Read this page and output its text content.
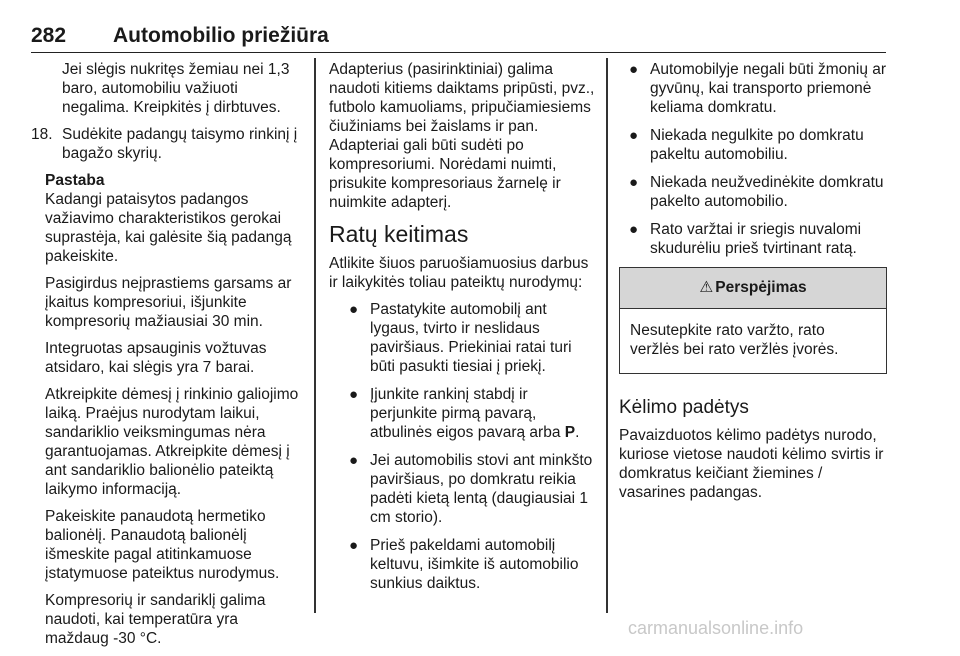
282 Automobilio priežiūra

Jei slėgis nukritęs žemiau nei 1,3 baro, automobiliu važiuoti negalima. Kreipkitės į dirbtuves.

18. Sudėkite padangų taisymo rinkinį į bagažo skyrių.
Pastaba

Kadangi pataisytos padangos važiavimo charakteristikos gerokai suprastėja, kai galėsite šią padangą pakeiskite.

Pasigirdus neįprastiems garsams ar įkaitus kompresoriui, išjunkite kompresorių mažiausiai 30 min.

Integruotas apsauginis vožtuvas atsidaro, kai slėgis yra 7 barai.

Atkreipkite dėmesį į rinkinio galiojimo laiką. Praėjus nurodytam laikui, sandariklio veiksmingumas nėra garantuojamas. Atkreipkite dėmesį į ant sandariklio balionėlio pateiktą laikymo informaciją.

Pakeiskite panaudotą hermetiko balionėlį. Panaudotą balionėlį išmeskite pagal atitinkamuose įstatymuose pateiktus nurodymus.

Kompresorių ir sandariklį galima naudoti, kai temperatūra yra maždaug -30 °C.

Adapterius (pasirinktiniai) galima naudoti kitiems daiktams pripūsti, pvz., futbolo kamuoliams, pripučiamiesiems čiužiniams bei žaislams ir pan. Adapteriai gali būti sudėti po kompresoriumi. Norėdami nuimti, prisukite kompresoriaus žarnelę ir nuimkite adapterį.

Ratų keitimas

Atlikite šiuos paruošiamuosius darbus ir laikykitės toliau pateiktų nurodymų:

● Pastatykite automobilį ant lygaus, tvirto ir neslidaus paviršiaus. Priekiniai ratai turi būti pasukti tiesiai į priekį.
● Įjunkite rankinį stabdį ir perjunkite pirmą pavarą, atbulinės eigos pavarą arba P.
● Jei automobilis stovi ant minkšto paviršiaus, po domkratu reikia padėti kietą lentą (daugiausiai 1 cm storio).
● Prieš pakeldami automobilį keltuvu, išimkite iš automobilio sunkius daiktus.
● Automobilyje negali būti žmonių ar gyvūnų, kai transporto priemonė keliama domkratu.
● Niekada negulkite po domkratu pakeltu automobiliu.
● Niekada neužvedinėkite domkratu pakelto automobilio.
● Rato varžtai ir sriegis nuvalomi skudurėliu prieš tvirtinant ratą.
⚠ Perspėjimas
Nesutepkite rato varžto, rato veržlės bei rato veržlės įvorės.
Kėlimo padėtys

Pavaizduotos kėlimo padėtys nurodo, kuriose vietose naudoti kėlimo svirtis ir domkratus keičiant žiemines / vasarines padangas.

carmanualsonline.info
